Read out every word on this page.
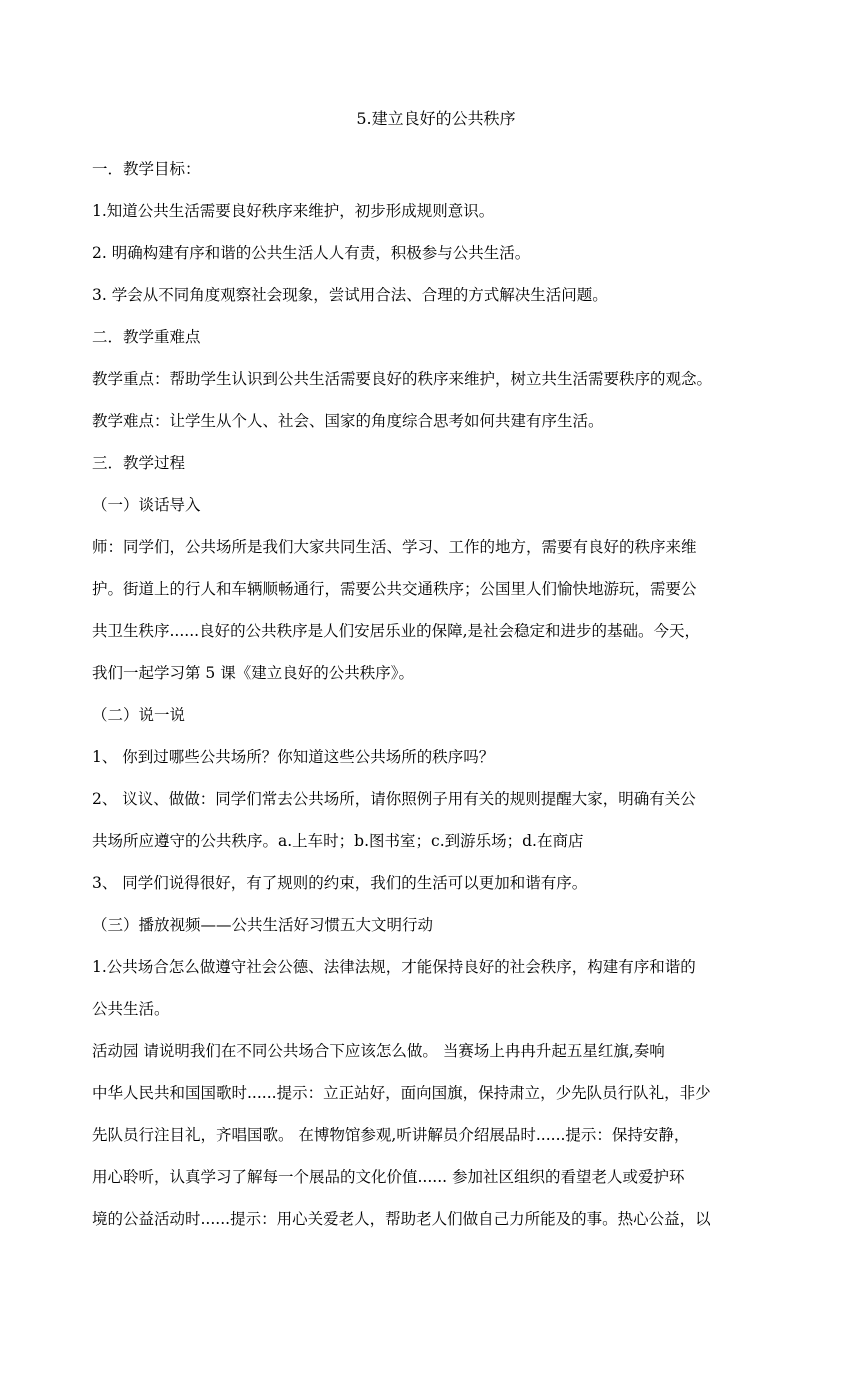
5.建立良好的公共秩序

一．教学目标：

1.知道公共生活需要良好秩序来维护，初步形成规则意识。

2. 明确构建有序和谐的公共生活人人有责，积极参与公共生活。

3. 学会从不同角度观察社会现象，尝试用合法、合理的方式解决生活问题。

二．教学重难点

教学重点：帮助学生认识到公共生活需要良好的秩序来维护，树立共生活需要秩序的观念。

教学难点：让学生从个人、社会、国家的角度综合思考如何共建有序生活。

三．教学过程

（一）谈话导入

师：同学们，公共场所是我们大家共同生活、学习、工作的地方，需要有良好的秩序来维

护。街道上的行人和车辆顺畅通行，需要公共交通秩序；公国里人们愉快地游玩，需要公

共卫生秩序......良好的公共秩序是人们安居乐业的保障,是社会稳定和进步的基础。今天，

我们一起学习第 5 课《建立良好的公共秩序》。

（二）说一说

1、 你到过哪些公共场所？你知道这些公共场所的秩序吗？

2、 议议、做做：同学们常去公共场所，请你照例子用有关的规则提醒大家，明确有关公

共场所应遵守的公共秩序。a.上车时；b.图书室；c.到游乐场；d.在商店

3、 同学们说得很好，有了规则的约束，我们的生活可以更加和谐有序。

（三）播放视频——公共生活好习惯五大文明行动

1.公共场合怎么做遵守社会公德、法律法规，才能保持良好的社会秩序，构建有序和谐的

公共生活。

活动园 请说明我们在不同公共场合下应该怎么做。 当赛场上冉冉升起五星红旗,奏响

中华人民共和国国歌时......提示：立正站好，面向国旗，保持肃立，少先队员行队礼，非少

先队员行注目礼，齐唱国歌。 在博物馆参观,听讲解员介绍展品时......提示：保持安静，

用心聆听，认真学习了解每一个展品的文化价值...... 参加社区组织的看望老人或爱护环

境的公益活动时......提示：用心关爱老人，帮助老人们做自己力所能及的事。热心公益，以
